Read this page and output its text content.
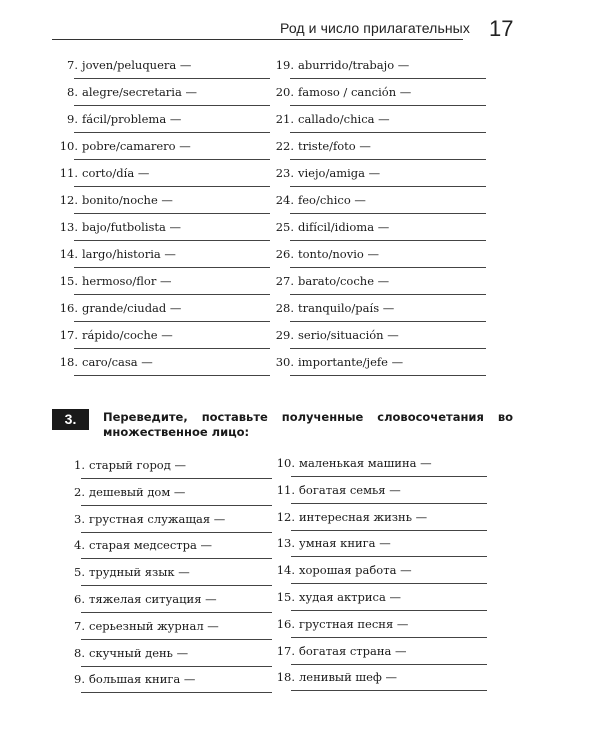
Род и число прилагательных 17
7. joven/peluquera —
8. alegre/secretaria —
9. fácil/problema —
10. pobre/camarero —
11. corto/día —
12. bonito/noche —
13. bajo/futbolista —
14. largo/historia —
15. hermoso/flor —
16. grande/ciudad —
17. rápido/coche —
18. caro/casa —
19. aburrido/trabajo —
20. famoso / canción —
21. callado/chica —
22. triste/foto —
23. viejo/amiga —
24. feo/chico —
25. difícil/idioma —
26. tonto/novio —
27. barato/coche —
28. tranquilo/país —
29. serio/situación —
30. importante/jefe —
3.	Переведите, поставьте полученные словосочетания во множественное лицо:
1. старый город —
2. дешевый дом —
3. грустная служащая —
4. старая медсестра —
5. трудный язык —
6. тяжелая ситуация —
7. серьезный журнал —
8. скучный день —
9. большая книга —
10. маленькая машина —
11. богатая семья —
12. интересная жизнь —
13. умная книга —
14. хорошая работа —
15. худая актриса —
16. грустная песня —
17. богатая страна —
18. ленивый шеф —
